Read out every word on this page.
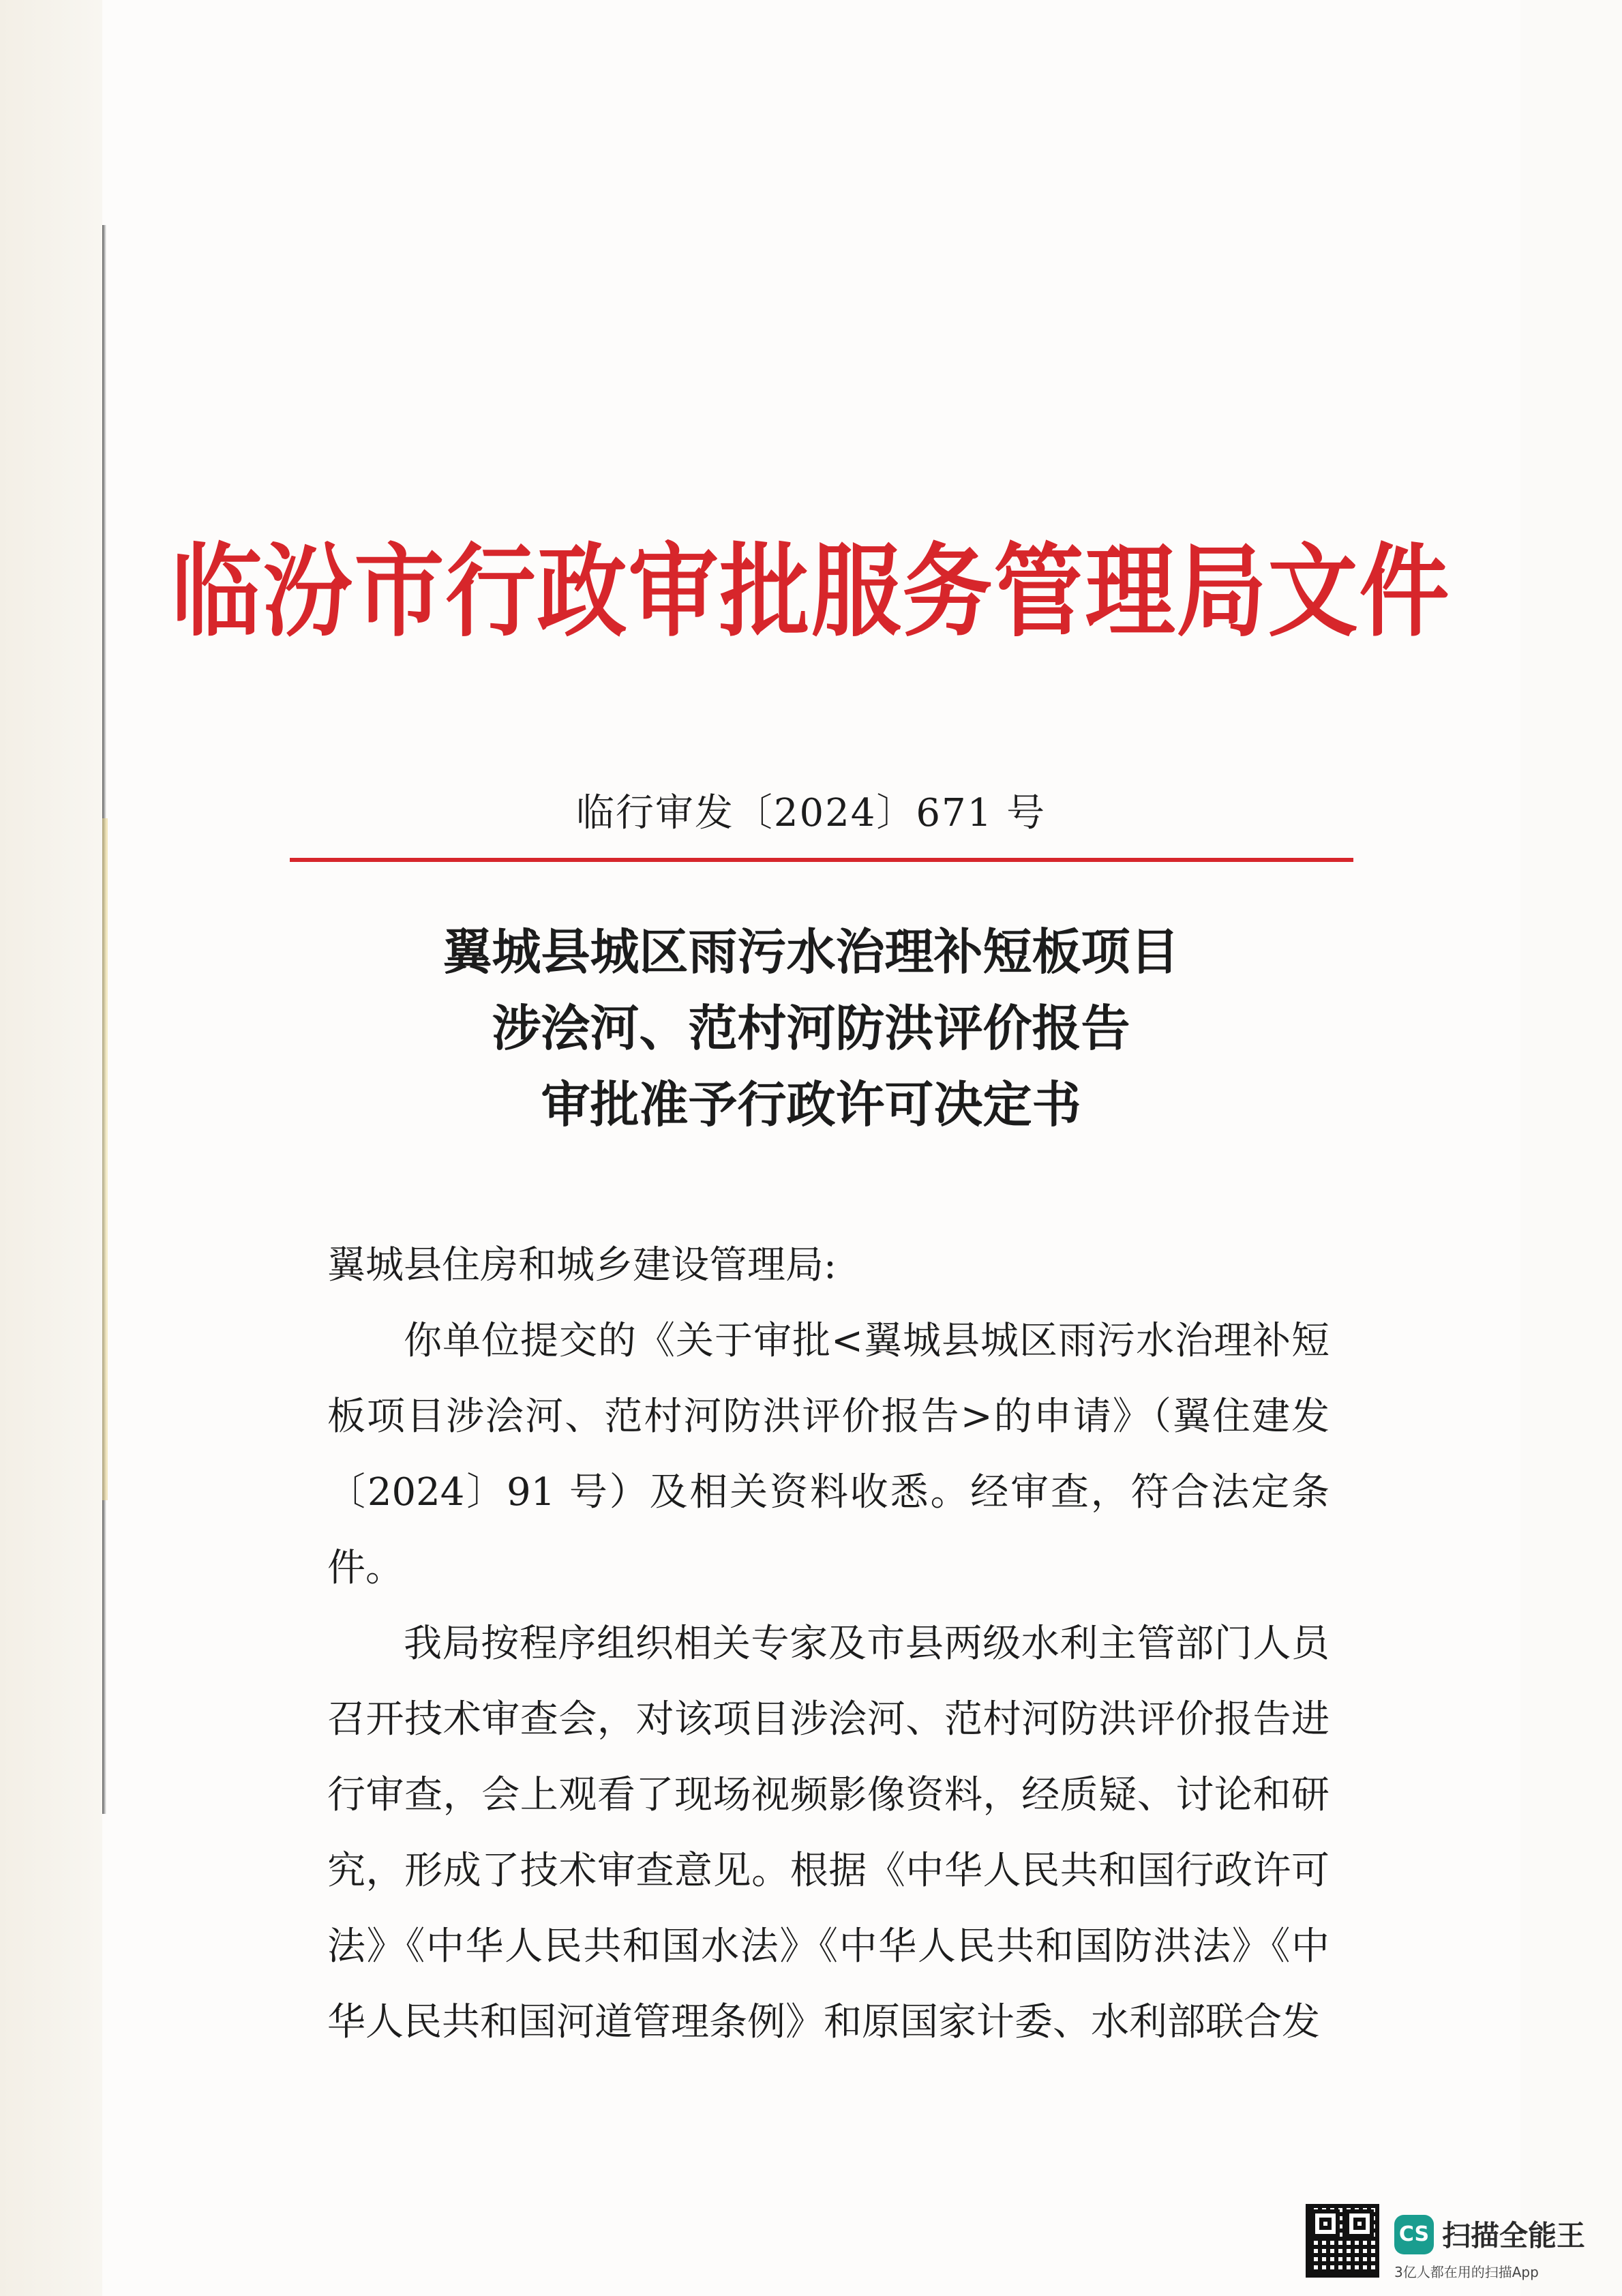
临汾市行政审批服务管理局文件
临行审发〔2024〕671 号
翼城县城区雨污水治理补短板项目
涉浍河、范村河防洪评价报告
审批准予行政许可决定书

翼城县住房和城乡建设管理局:

你单位提交的《关于审批<翼城县城区雨污水治理补短板项目涉浍河、范村河防洪评价报告>的申请》（翼住建发〔2024〕91 号）及相关资料收悉。经审查，符合法定条件。

我局按程序组织相关专家及市县两级水利主管部门人员召开技术审查会，对该项目涉浍河、范村河防洪评价报告进行审查，会上观看了现场视频影像资料，经质疑、讨论和研究，形成了技术审查意见。根据《中华人民共和国行政许可法》《中华人民共和国水法》《中华人民共和国防洪法》《中华人民共和国河道管理条例》和原国家计委、水利部联合发

CS 扫描全能王
3亿人都在用的扫描App
